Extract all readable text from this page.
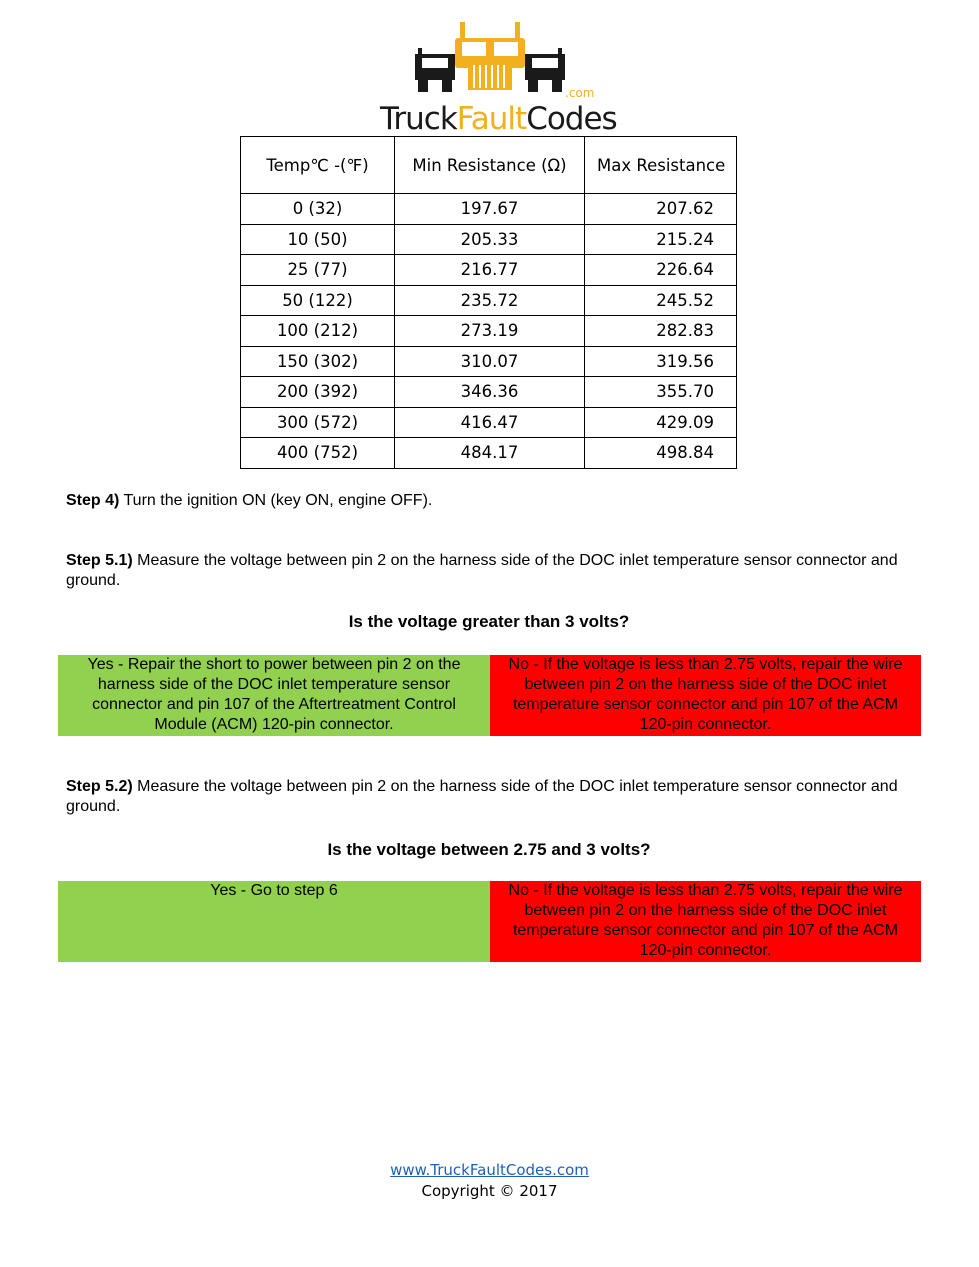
.com
TruckFaultCodes
Temp℃ -(℉)	Min Resistance (Ω)	Max Resistance
0 (32)	197.67	207.62
10 (50)	205.33	215.24
25 (77)	216.77	226.64
50 (122)	235.72	245.52
100 (212)	273.19	282.83
150 (302)	310.07	319.56
200 (392)	346.36	355.70
300 (572)	416.47	429.09
400 (752)	484.17	498.84
Step 4) Turn the ignition ON (key ON, engine OFF).
Step 5.1) Measure the voltage between pin 2 on the harness side of the DOC inlet temperature sensor connector and ground.
Is the voltage greater than 3 volts?
Yes - Repair the short to power between pin 2 on the harness side of the DOC inlet temperature sensor connector and pin 107 of the Aftertreatment Control Module (ACM) 120-pin connector.
No - If the voltage is less than 2.75 volts, repair the wire between pin 2 on the harness side of the DOC inlet temperature sensor connector and pin 107 of the ACM 120-pin connector.
Step 5.2) Measure the voltage between pin 2 on the harness side of the DOC inlet temperature sensor connector and ground.
Is the voltage between 2.75 and 3 volts?
Yes - Go to step 6	No - If the voltage is less than 2.75 volts, repair the wire between pin 2 on the harness side of the DOC inlet temperature sensor connector and pin 107 of the ACM 120-pin connector.
www.TruckFaultCodes.com
Copyright © 2017
